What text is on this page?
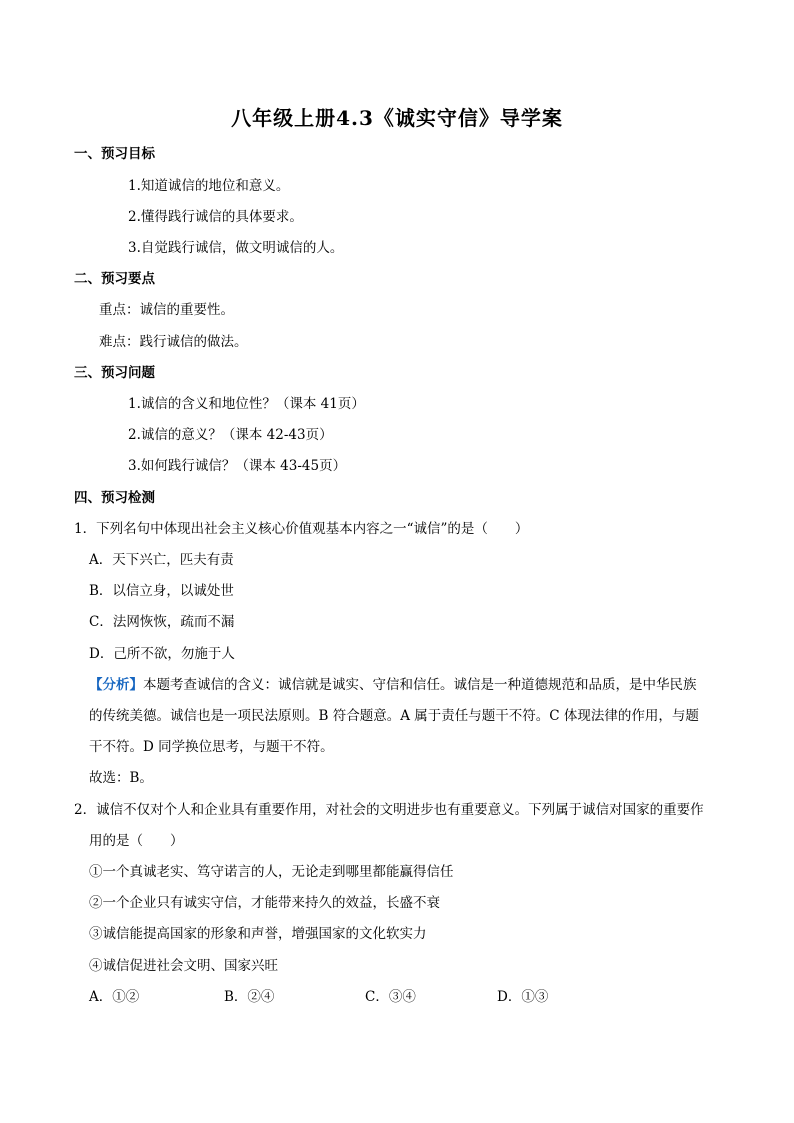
八年级上册4.3《诚实守信》导学案
一、预习目标
1.知道诚信的地位和意义。
2.懂得践行诚信的具体要求。
3.自觉践行诚信，做文明诚信的人。
二、预习要点
重点：诚信的重要性。
难点：践行诚信的做法。
三、预习问题
1.诚信的含义和地位性？（课本 41页）
2.诚信的意义？（课本 42-43页）
3.如何践行诚信？（课本 43-45页）
四、预习检测
1．下列名句中体现出社会主义核心价值观基本内容之一“诚信”的是（　　）
A．天下兴亡，匹夫有责
B．以信立身，以诚处世
C．法网恢恢，疏而不漏
D．己所不欲，勿施于人
【分析】本题考查诚信的含义：诚信就是诚实、守信和信任。诚信是一种道德规范和品质，是中华民族
的传统美德。诚信也是一项民法原则。B 符合题意。A 属于责任与题干不符。C 体现法律的作用，与题
干不符。D 同学换位思考，与题干不符。
故选：B。
2．诚信不仅对个人和企业具有重要作用，对社会的文明进步也有重要意义。下列属于诚信对国家的重要作
用的是（　　）
①一个真诚老实、笃守诺言的人，无论走到哪里都能赢得信任
②一个企业只有诚实守信，才能带来持久的效益，长盛不衰
③诚信能提高国家的形象和声誉，增强国家的文化软实力
④诚信促进社会文明、国家兴旺
A．①②	B．②④	C．③④	D．①③
